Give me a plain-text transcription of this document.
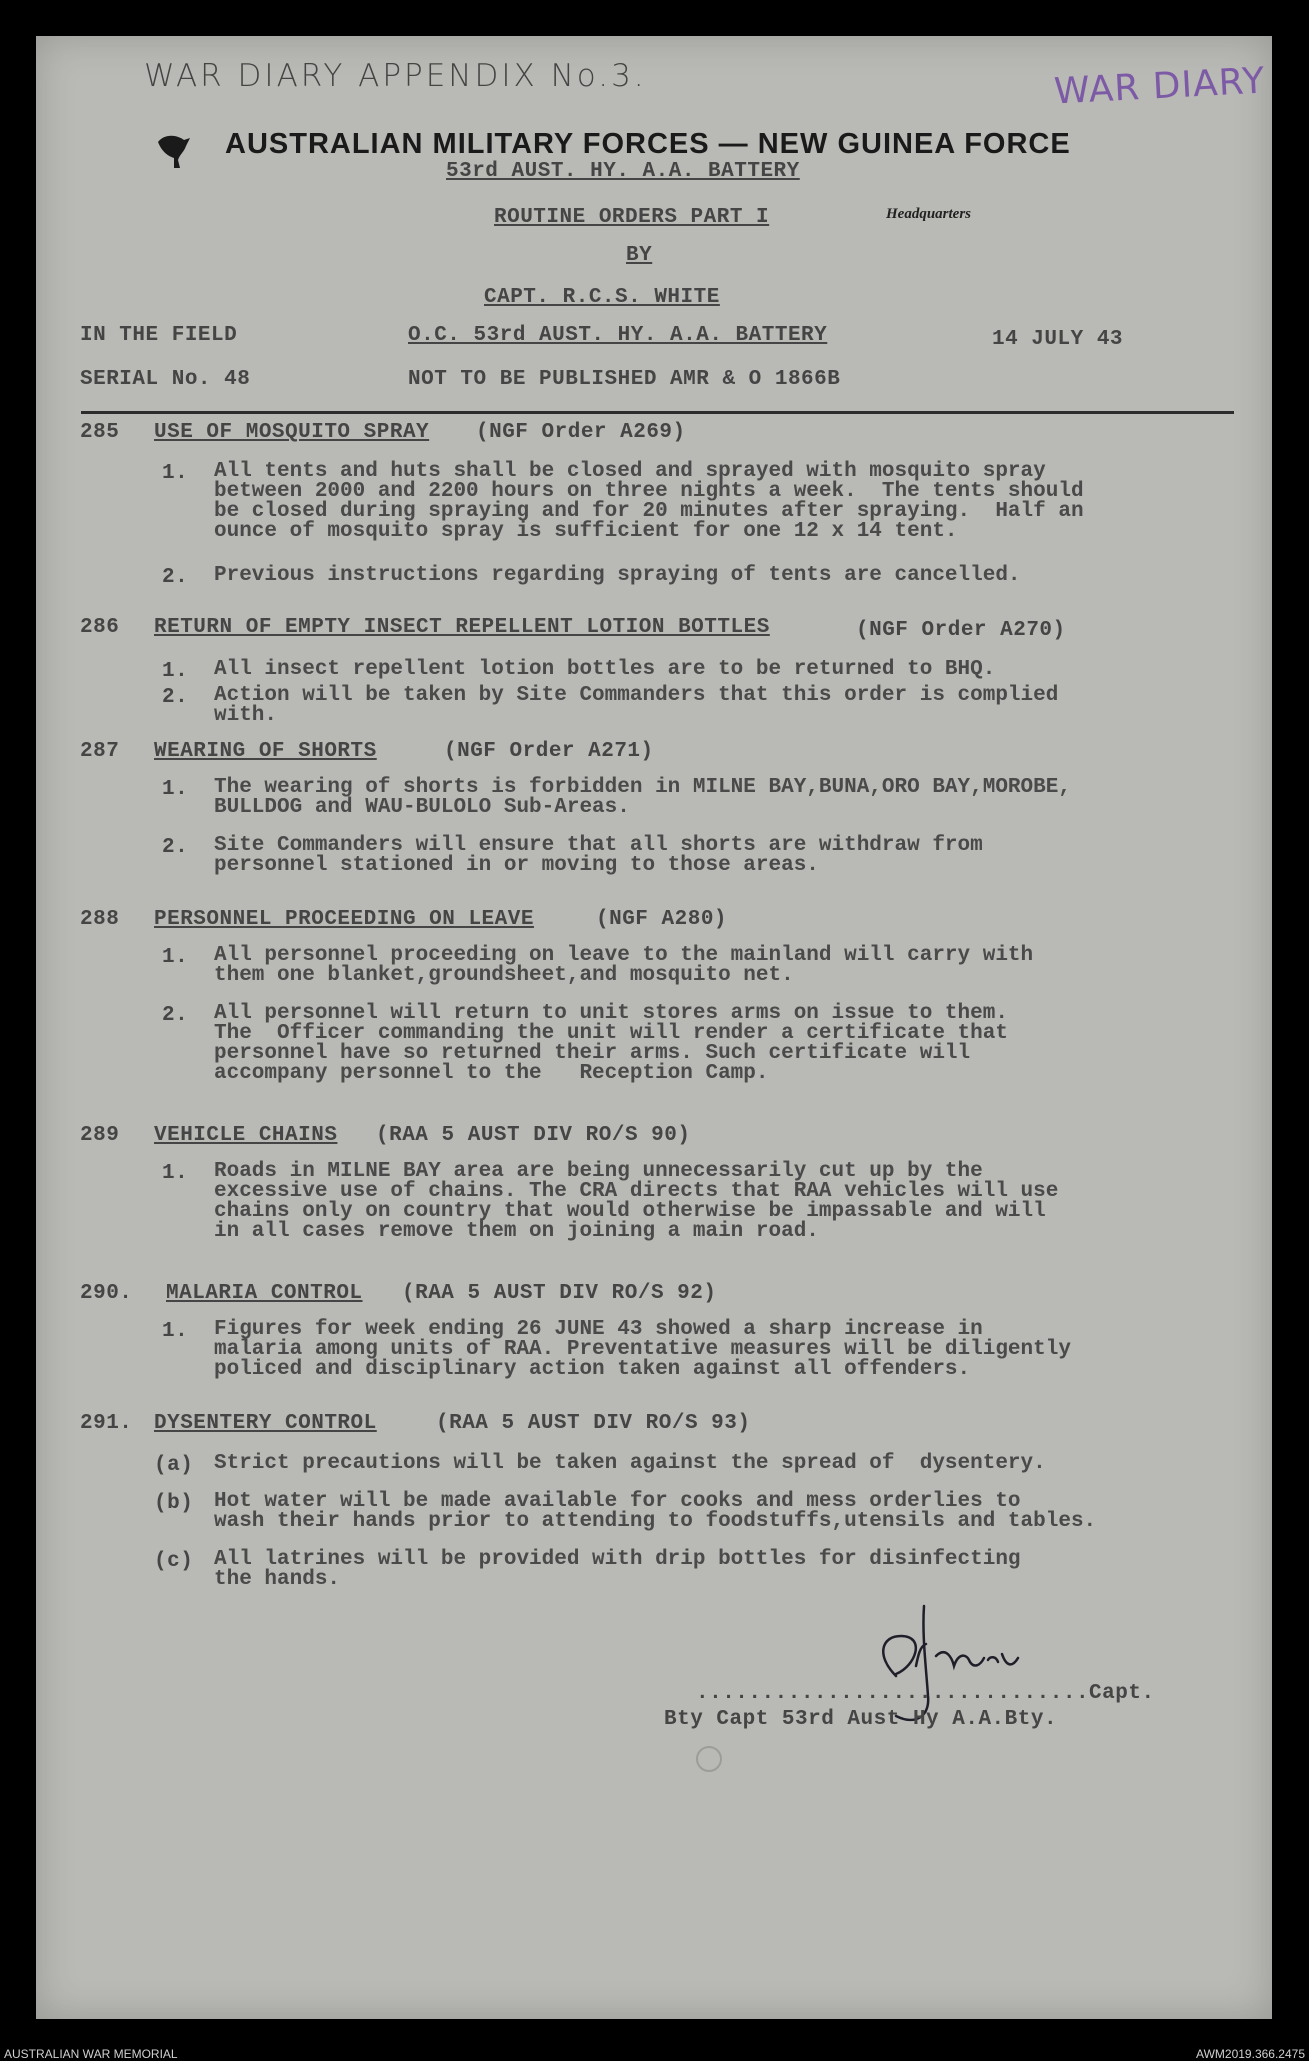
WAR DIARY APPENDIX No.3.	WAR DIARY
AUSTRALIAN MILITARY FORCES — NEW GUINEA FORCE
53rd AUST. HY. A.A. BATTERY
ROUTINE ORDERS PART I	Headquarters
BY
CAPT. R.C.S. WHITE
IN THE FIELD	O.C. 53rd AUST. HY. A.A. BATTERY	14 JULY 43
SERIAL No. 48	NOT TO BE PUBLISHED AMR & O 1866B
285 USE OF MOSQUITO SPRAY (NGF Order A269)
1. All tents and huts shall be closed and sprayed with mosquito spray
between 2000 and 2200 hours on three nights a week.  The tents should
be closed during spraying and for 20 minutes after spraying.  Half an
ounce of mosquito spray is sufficient for one 12 x 14 tent.
2. Previous instructions regarding spraying of tents are cancelled.
286 RETURN OF EMPTY INSECT REPELLENT LOTION BOTTLES	(NGF Order A270)
1. All insect repellent lotion bottles are to be returned to BHQ.
2. Action will be taken by Site Commanders that this order is complied
with.
287 WEARING OF SHORTS	(NGF Order A271)
1. The wearing of shorts is forbidden in MILNE BAY,BUNA,ORO BAY,MOROBE,
BULLDOG and WAU-BULOLO Sub-Areas.
2. Site Commanders will ensure that all shorts are withdraw from
personnel stationed in or moving to those areas.
288 PERSONNEL PROCEEDING ON LEAVE	(NGF A280)
1. All personnel proceeding on leave to the mainland will carry with
them one blanket,groundsheet,and mosquito net.
2. All personnel will return to unit stores arms on issue to them.
The  Officer commanding the unit will render a certificate that
personnel have so returned their arms. Such certificate will
accompany personnel to the   Reception Camp.
289 VEHICLE CHAINS (RAA 5 AUST DIV RO/S 90)
1. Roads in MILNE BAY area are being unnecessarily cut up by the
excessive use of chains. The CRA directs that RAA vehicles will use
chains only on country that would otherwise be impassable and will
in all cases remove them on joining a main road.
290. MALARIA CONTROL (RAA 5 AUST DIV RO/S 92)
1. Figures for week ending 26 JUNE 43 showed a sharp increase in
malaria among units of RAA. Preventative measures will be diligently
policed and disciplinary action taken against all offenders.
291. DYSENTERY CONTROL	(RAA 5 AUST DIV RO/S 93)
(a) Strict precautions will be taken against the spread of  dysentery.
(b) Hot water will be made available for cooks and mess orderlies to
wash their hands prior to attending to foodstuffs,utensils and tables.
(c) All latrines will be provided with drip bottles for disinfecting
the hands.
..............................Capt.
Bty Capt 53rd Aust Hy A.A.Bty.
AUSTRALIAN WAR MEMORIAL	AWM2019.366.2475
